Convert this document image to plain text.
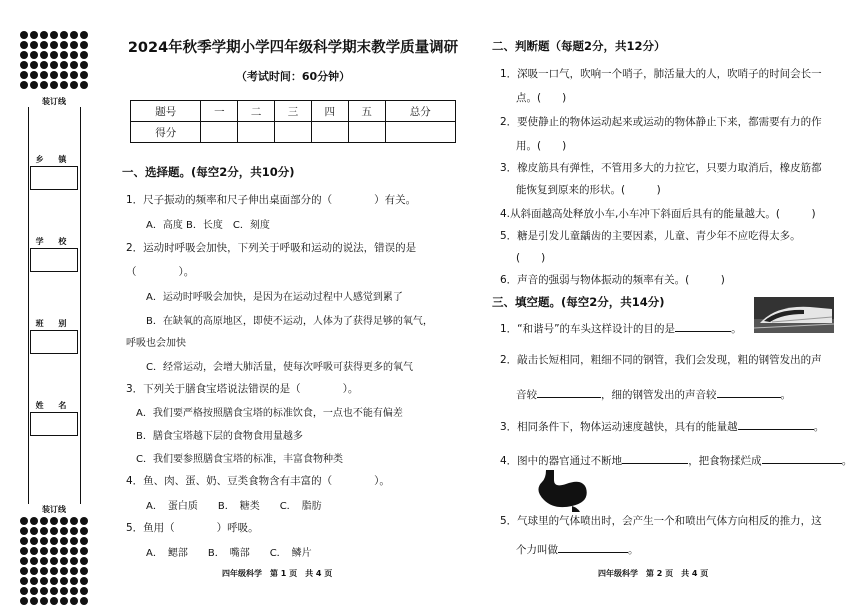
装订线
乡 镇
学 校
班 别
姓 名
装订线
2024年秋季学期小学四年级科学期末教学质量调研
（考试时间：60分钟）
题号	一	二	三	四	五	总分
得分						
一、选择题。(每空2分，共10分)
1．尺子振动的频率和尺子伸出桌面部分的（　　　　）有关。
A．高度 B．长度　C．刻度
2．运动时呼吸会加快，下列关于呼吸和运动的说法，错误的是
（　　　　）。
A．运动时呼吸会加快，是因为在运动过程中人感觉到累了
B．在缺氧的高原地区，即使不运动，人体为了获得足够的氧气，
呼吸也会加快
C．经常运动，会增大肺活量，使每次呼吸可获得更多的氧气
3．下列关于膳食宝塔说法错误的是（　　　　）。
A．我们要严格按照膳食宝塔的标准饮食，一点也不能有偏差
B．膳食宝塔越下层的食物食用量越多
C．我们要参照膳食宝塔的标准，丰富食物种类
4．鱼、肉、蛋、奶、豆类食物含有丰富的（　　　　）。
A．　蛋白质　　B．　糖类　　C．　脂肪
5．鱼用（　　　　）呼吸。
A．　鳃部　　B．　嘴部　　C．　鳞片
四年级科学　第 1 页　共 4 页
二、判断题（每题2分，共12分）
1．深吸一口气，吹响一个哨子，肺活量大的人，吹哨子的时间会长一
点。(　　)
2．要使静止的物体运动起来或运动的物体静止下来，都需要有力的作
用。(　　)
3．橡皮筋具有弹性，不管用多大的力拉它，只要力取消后，橡皮筋都
能恢复到原来的形状。(　　　)
4.从斜面越高处释放小车,小车冲下斜面后具有的能量越大。(　　　)
5．糖是引发儿童龋齿的主要因素，儿童、青少年不应吃得太多。
(　　)
6．声音的强弱与物体振动的频率有关。(　　　)
三、填空题。(每空2分，共14分)
1．“和谐号”的车头这样设计的目的是	。
2．敲击长短相同，粗细不同的钢管，我们会发现，粗的钢管发出的声
音较	，细的钢管发出的声音较	。
3．相同条件下，物体运动速度越快，具有的能量越	。
4．图中的器官通过不断地	，把食物揉烂成	。
5．气球里的气体喷出时，会产生一个和喷出气体方向相反的推力，这
个力叫做	。
四年级科学　第 2 页　共 4 页
